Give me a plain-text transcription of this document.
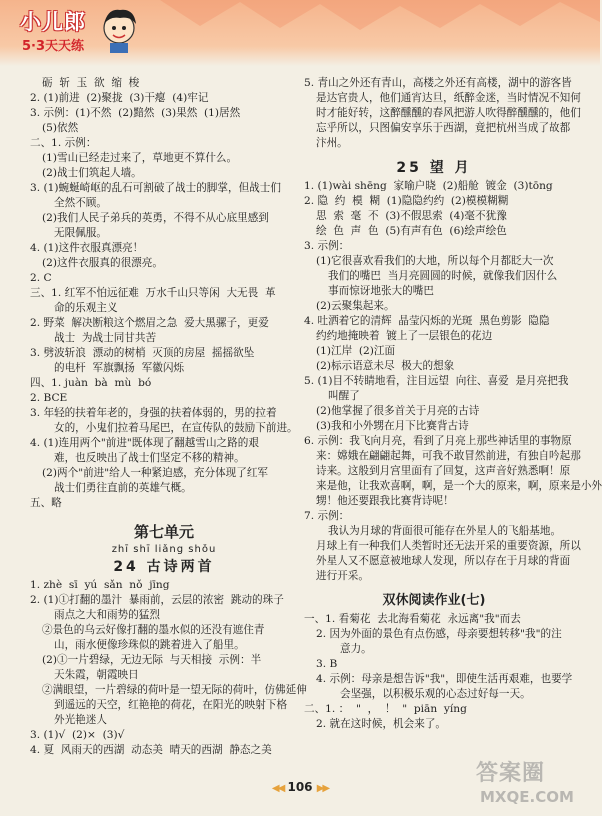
小儿郎
5·3天天练
砺  斩  玉  欲  缩  梭
2. (1)前进  (2)聚拢  (3)干瘪  (4)牢记
3. 示例：(1)不然  (2)黯然  (3)果然  (1)居然
(5)依然
二、1. 示例：
(1)雪山已经走过来了，草地更不算什么。
(2)战士们筑起人墙。
3. (1)蜿蜒崎岖的乱石可割破了战士的脚掌，但战士们
全然不顾。
(2)我们人民子弟兵的英勇，不得不从心底里感到
无限佩服。
4. (1)这件衣服真漂亮！
(2)这件衣服真的很漂亮。
2. C
三、1. 红军不怕远征难  万水千山只等闲  大无畏  革
命的乐观主义
2. 野菜  解决断粮这个燃眉之急  爱大黑骡子，更爱
战士  为战士同甘共苦
3. 劈波斩浪  漂动的树梢  灭顶的房屋  摇摇欲坠
的电杆  军旗飘扬  军徽闪烁
四、1. juàn  bà  mù  bó
2. BCE
3. 年轻的扶着年老的，身强的扶着体弱的，男的拉着
女的，小鬼们拉着马尾巴，在宣传队的鼓励下前进。
4. (1)连用两个"前进"既体现了翻越雪山之路的艰
难，也反映出了战士们坚定不移的精神。
(2)两个"前进"给人一种紧迫感，充分体现了红军
战士们勇往直前的英雄气概。
五、略
第七单元
zhī shī liǎng shǒu
24 古诗两首
1. zhè  sī  yú  sǎn  nǒ  jīng
2. (1)①打翻的墨汁  暴雨前，云层的浓密  跳动的珠子
雨点之大和雨势的猛烈
②景色的乌云好像打翻的墨水似的还没有遮住青
山，雨水便像珍珠似的跳着进入了船里。
(2)①一片碧绿，无边无际  与天相接  示例：半
天朱霞，朝霞映日
②满眼望，一片碧绿的荷叶是一望无际的荷叶，仿佛延伸
到遥远的天空，红艳艳的荷花，在阳光的映射下格
外光艳迷人
3. (1)√  (2)×  (3)√
4. 夏  风雨天的西湖  动态美  晴天的西湖  静态之美
5. 青山之外还有青山，高楼之外还有高楼，湖中的游客皆
是达官贵人，他们通宵达旦，纸醉金迷，当时情况不知何
时才能好转，这醉醺醺的春风把游人吹得醉醺醺的，他们
忘乎所以，只图偏安享乐于西湖，竟把杭州当成了故都
汴州。
25 望 月
1. (1)wài shēng  家喻户晓  (2)船舱  镀金  (3)tōng
2. 隐  约  模  糊  (1)隐隐约约  (2)模模糊糊
思  索  毫  不  (3)不假思索  (4)毫不犹豫
绘  色  声  色  (5)有声有色  (6)绘声绘色
3. 示例：
(1)它很喜欢看我们的大地，所以每个月都眨大一次
我们的嘴巴  当月亮圆圆的时候，就像我们因什么
事而惊讶地张大的嘴巴
(2)云聚集起来。
4. 吐洒着它的清辉  晶莹闪烁的光斑  黑色剪影  隐隐
约约地掩映着  镀上了一层银色的花边
(1)江岸  (2)江面
(2)标示语意未尽  极大的想象
5. (1)目不转睛地看，注目远望  向往、喜爱  是月亮把我
叫醒了
(2)他掌握了很多首关于月亮的古诗
(3)我和小外甥在月下比赛背古诗
6. 示例：我飞向月亮，看到了月亮上那些神话里的事物原
来：嫦娥在翩翩起舞，可我不敢冒然前进，有独自吟起那
诗来。这般到月宫里面有了回复，这声音好熟悉啊！原
来是他，让我欢喜啊，啊，是一个大的原来，啊，原来是小外
甥！他还要跟我比赛背诗呢！
7. 示例：
我认为月球的背面很可能存在外星人的飞船基地。
月球上有一种我们人类暂时还无法开采的重要资源，所以
外星人又不愿意被地球人发现，所以存在于月球的背面
进行开采。
双休阅读作业(七)
一、1. 看菊花  去北海看菊花  永远离"我"而去
2. 因为外面的景色有点伤感，母亲要想转移"我"的注
意力。
3. B
4. 示例：母亲是想告诉"我"，即使生活再艰难，也要学
会坚强，以积极乐观的心态过好每一天。
二、1. ：  "  ，  ！  "  piān  yíng
2. 就在这时候，机会来了。
◀◀ 106 ▶▶
答案圈
MXQE.COM
